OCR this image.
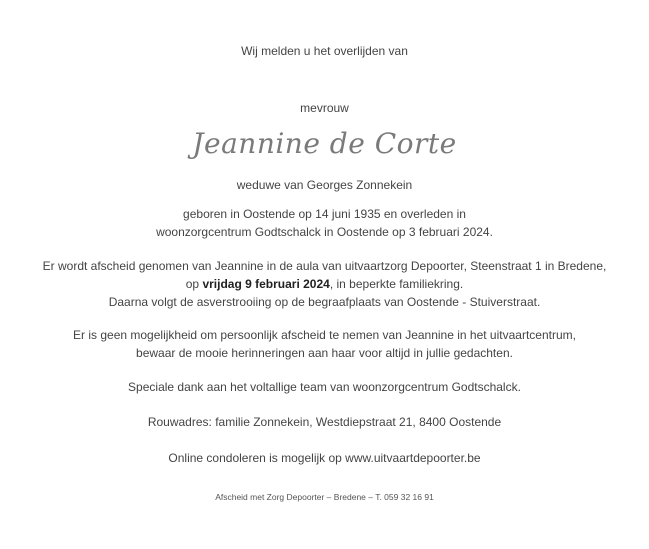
Wij melden u het overlijden van
mevrouw
Jeannine de Corte
weduwe van Georges Zonnekein
geboren in Oostende op 14 juni 1935 en overleden in
woonzorgcentrum Godtschalck in Oostende op 3 februari 2024.
Er wordt afscheid genomen van Jeannine in de aula van uitvaartzorg Depoorter, Steenstraat 1 in Bredene,
op vrijdag 9 februari 2024, in beperkte familiekring.
Daarna volgt de asverstrooiing op de begraafplaats van Oostende - Stuiverstraat.
Er is geen mogelijkheid om persoonlijk afscheid te nemen van Jeannine in het uitvaartcentrum,
bewaar de mooie herinneringen aan haar voor altijd in jullie gedachten.
Speciale dank aan het voltallige team van woonzorgcentrum Godtschalck.
Rouwadres: familie Zonnekein, Westdiepstraat 21, 8400 Oostende
Online condoleren is mogelijk op www.uitvaartdepoorter.be
Afscheid met Zorg Depoorter – Bredene – T. 059 32 16 91
